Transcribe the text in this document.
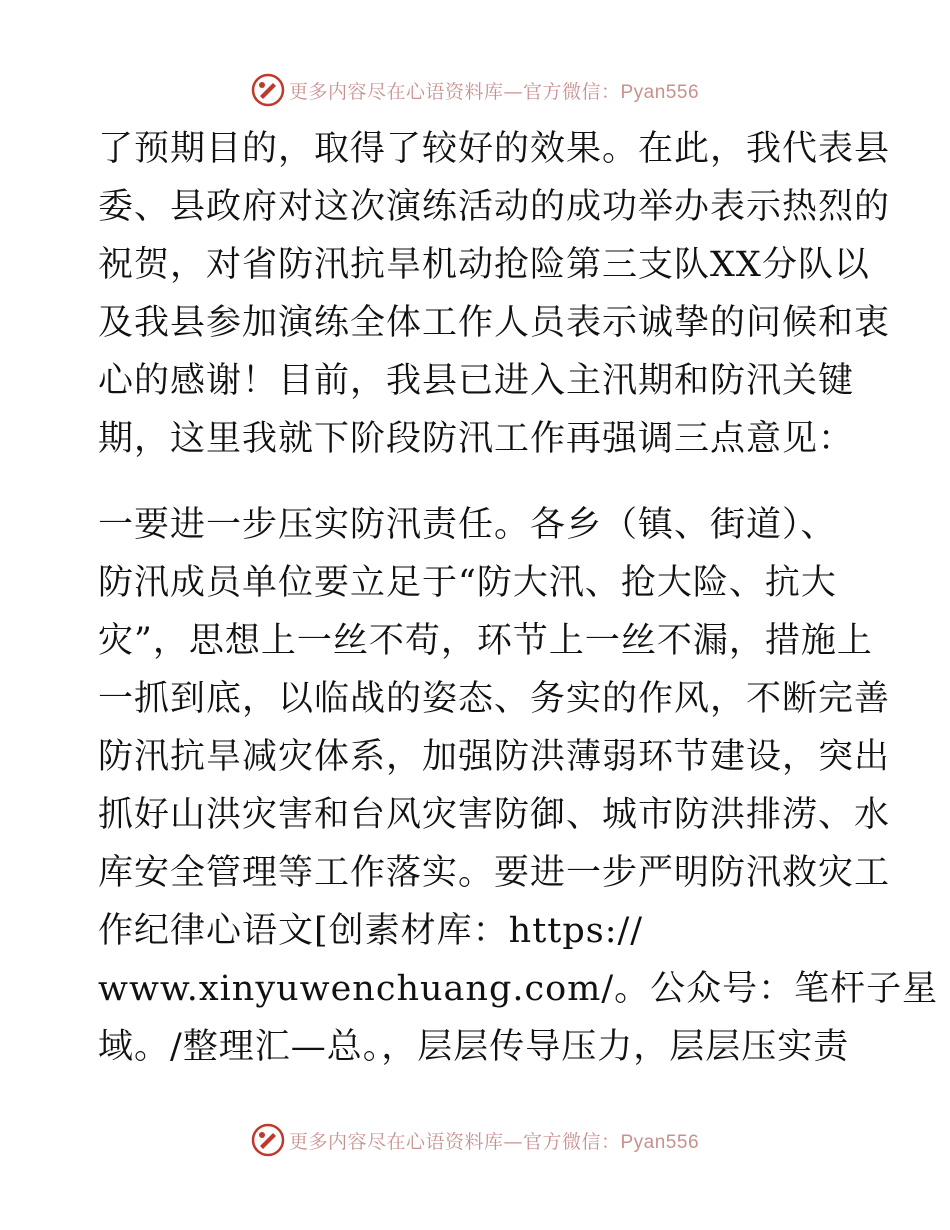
更多内容尽在心语资料库—官方微信：Pyan556
了预期目的，取得了较好的效果。在此，我代表县
委、县政府对这次演练活动的成功举办表示热烈的
祝贺，对省防汛抗旱机动抢险第三支队XX分队以
及我县参加演练全体工作人员表示诚挚的问候和衷
心的感谢！目前，我县已进入主汛期和防汛关键
期，这里我就下阶段防汛工作再强调三点意见：
一要进一步压实防汛责任。各乡（镇、街道）、
防汛成员单位要立足于“防大汛、抢大险、抗大
灾”，思想上一丝不苟，环节上一丝不漏，措施上
一抓到底，以临战的姿态、务实的作风，不断完善
防汛抗旱减灾体系，加强防洪薄弱环节建设，突出
抓好山洪灾害和台风灾害防御、城市防洪排涝、水
库安全管理等工作落实。要进一步严明防汛救灾工
作纪律心语文[创素材库：https://
www.xinyuwenchuang.com/。公众号：笔杆子星
域。/整理汇—总。，层层传导压力，层层压实责
更多内容尽在心语资料库—官方微信：Pyan556
